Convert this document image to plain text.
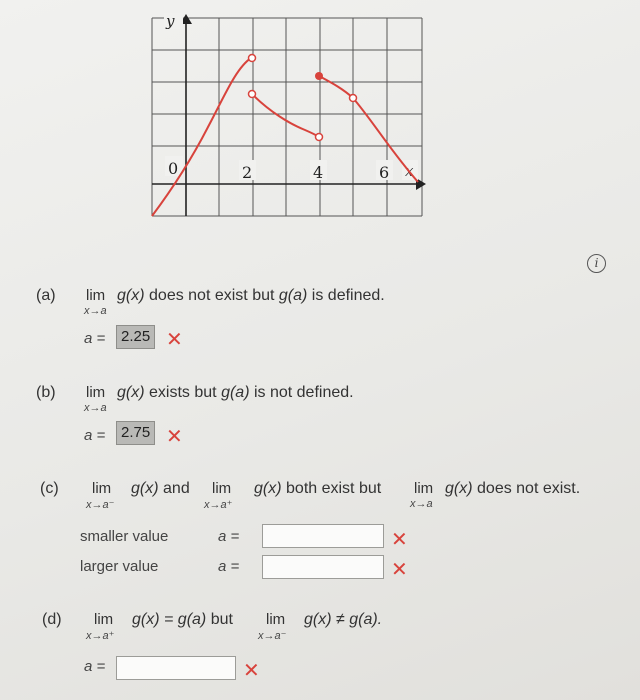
y
x
0	2	4	6
i
(a) lim
x→a
g(x) does not exist but g(a) is defined.
a =	2.25 ✕
(b) lim
x→a
g(x) exists but g(a) is not defined.
a =	2.75 ✕
(c) lim
x→a⁻
g(x) and lim
x→a⁺
g(x) both exist but lim
x→a
g(x) does not exist.
smaller value	a =	✕
larger value	a =	✕
(d) lim
x→a⁺
g(x) = g(a) but lim
x→a⁻
g(x) ≠ g(a).
a =	✕
